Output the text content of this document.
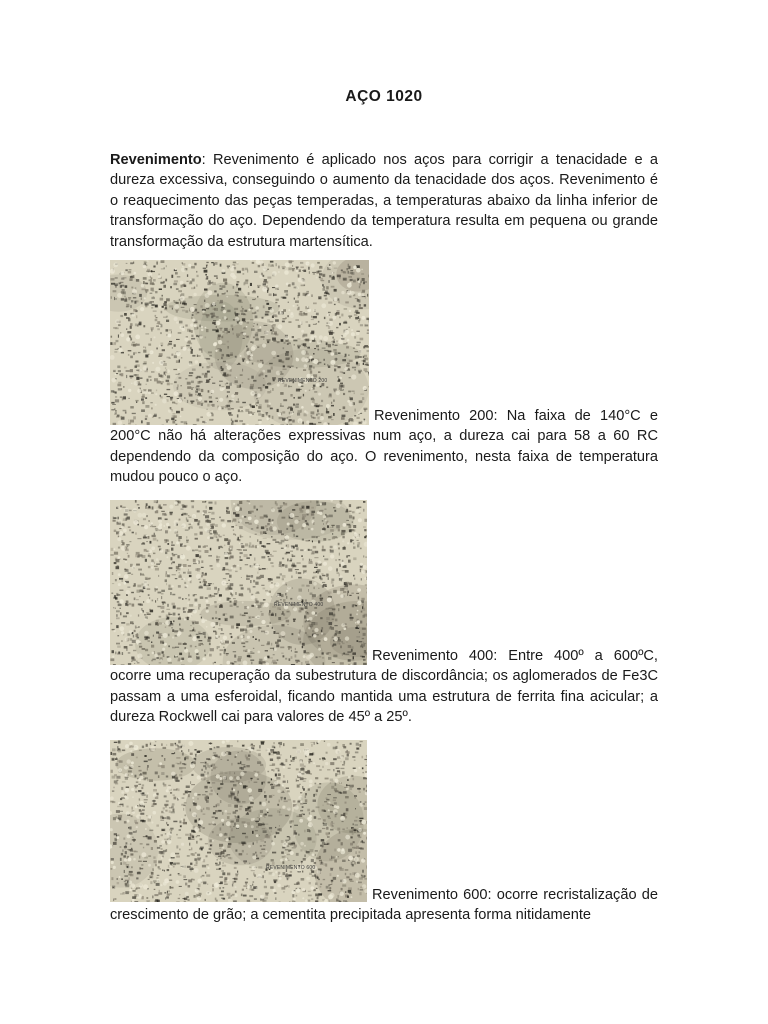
AÇO 1020

Revenimento: Revenimento é aplicado nos aços para corrigir a tenacidade e a dureza excessiva, conseguindo o aumento da tenacidade dos aços. Revenimento é o reaquecimento das peças temperadas, a temperaturas abaixo da linha inferior de transformação do aço. Dependendo da temperatura resulta em pequena ou grande transformação da estrutura martensítica.

REVENIMENTO 200

Revenimento 200: Na faixa de 140°C e 200°C não há alterações expressivas num aço, a dureza cai para 58 a 60 RC dependendo da composição do aço. O revenimento, nesta faixa de temperatura mudou pouco o aço.

REVENIMENTO 400

Revenimento 400: Entre 400º a 600ºC, ocorre uma recuperação da subestrutura de discordância; os aglomerados de Fe3C passam a uma esferoidal, ficando mantida uma estrutura de ferrita fina acicular; a dureza Rockwell cai para valores de 45º a 25º.

REVENIMENTO 600

Revenimento 600: ocorre recristalização de crescimento de grão; a cementita precipitada apresenta forma nitidamente
